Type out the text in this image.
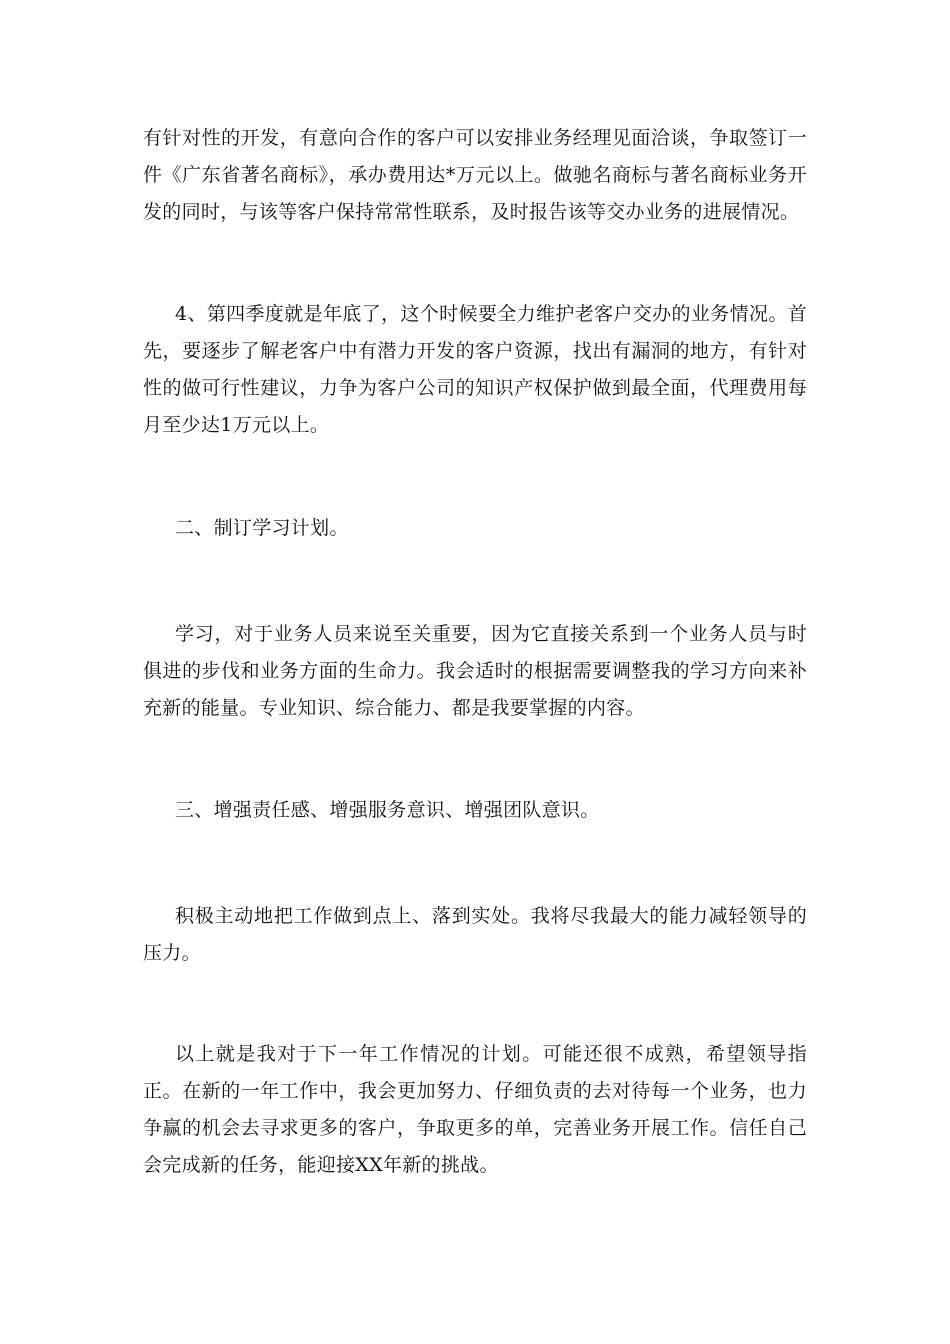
有针对性的开发，有意向合作的客户可以安排业务经理见面洽谈，争取签订一件《广东省著名商标》，承办费用达*万元以上。做驰名商标与著名商标业务开发的同时，与该等客户保持常常性联系，及时报告该等交办业务的进展情况。

4、第四季度就是年底了，这个时候要全力维护老客户交办的业务情况。首先，要逐步了解老客户中有潜力开发的客户资源，找出有漏洞的地方，有针对性的做可行性建议，力争为客户公司的知识产权保护做到最全面，代理费用每月至少达1万元以上。

二、制订学习计划。

学习，对于业务人员来说至关重要，因为它直接关系到一个业务人员与时俱进的步伐和业务方面的生命力。我会适时的根据需要调整我的学习方向来补充新的能量。专业知识、综合能力、都是我要掌握的内容。

三、增强责任感、增强服务意识、增强团队意识。

积极主动地把工作做到点上、落到实处。我将尽我最大的能力减轻领导的压力。

以上就是我对于下一年工作情况的计划。可能还很不成熟，希望领导指正。在新的一年工作中，我会更加努力、仔细负责的去对待每一个业务，也力争赢的机会去寻求更多的客户，争取更多的单，完善业务开展工作。信任自己会完成新的任务，能迎接XX年新的挑战。
